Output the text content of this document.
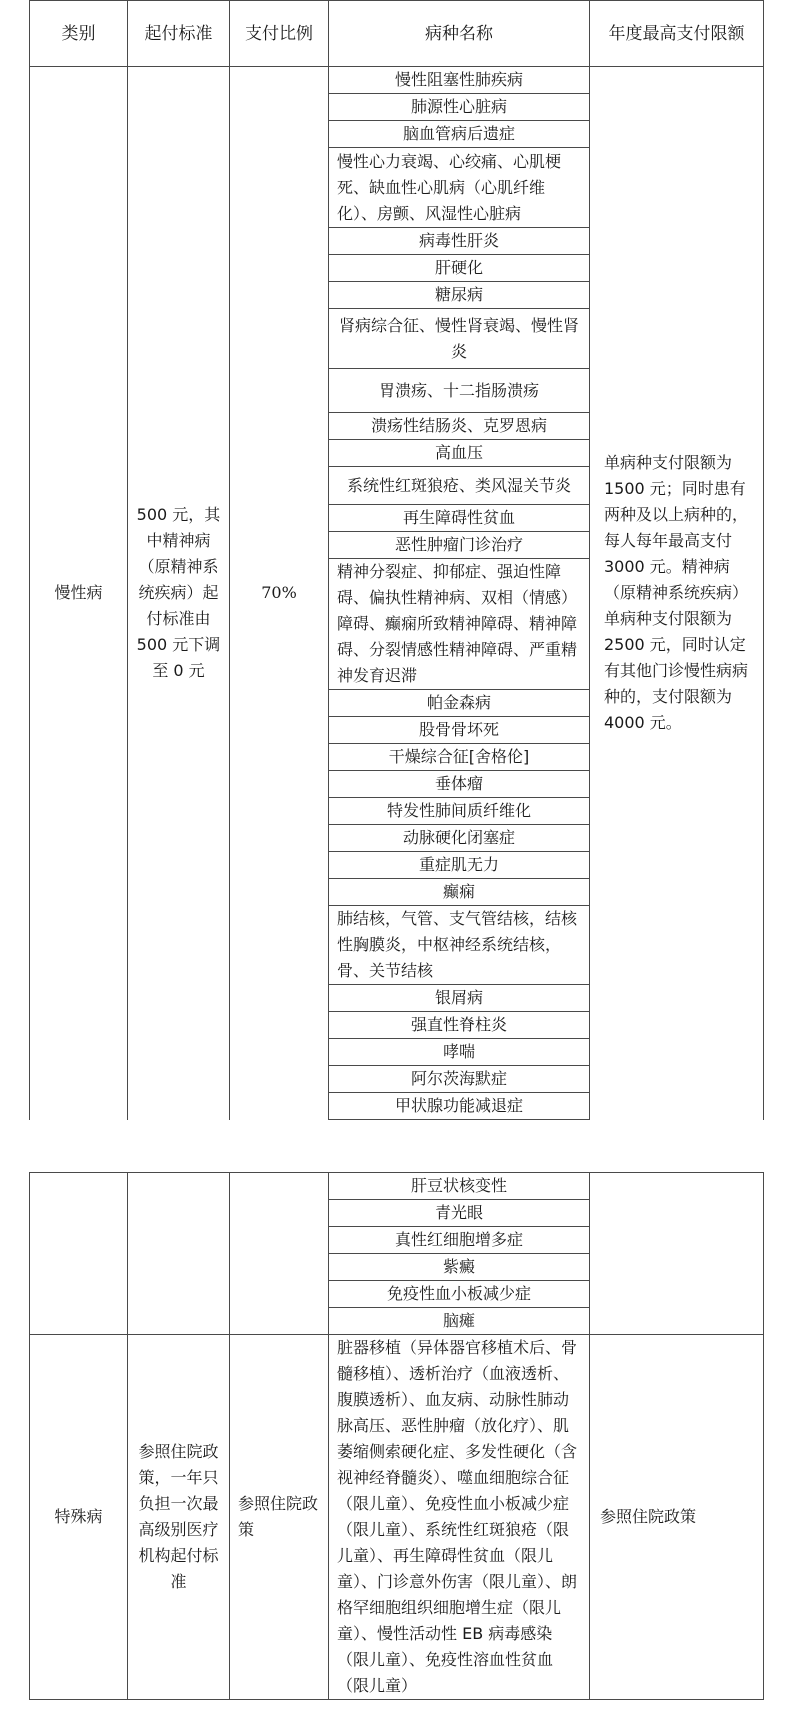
类别	起付标准	支付比例	病种名称	年度最高支付限额
慢性病	500 元，其中精神病（原精神系统疾病）起付标准由 500 元下调至 0 元	70%	慢性阻塞性肺疾病	单病种支付限额为 1500 元；同时患有两种及以上病种的，每人每年最高支付 3000 元。精神病（原精神系统疾病）单病种支付限额为 2500 元，同时认定有其他门诊慢性病病种的，支付限额为 4000 元。
			肺源性心脏病	
			脑血管病后遗症	
			慢性心力衰竭、心绞痛、心肌梗死、缺血性心肌病（心肌纤维化）、房颤、风湿性心脏病	
			病毒性肝炎	
			肝硬化	
			糖尿病	
			肾病综合征、慢性肾衰竭、慢性肾炎	
			胃溃疡、十二指肠溃疡	
			溃疡性结肠炎、克罗恩病	
			高血压	
			系统性红斑狼疮、类风湿关节炎	
			再生障碍性贫血	
			恶性肿瘤门诊治疗	
			精神分裂症、抑郁症、强迫性障碍、偏执性精神病、双相（情感）障碍、癫痫所致精神障碍、精神障碍、分裂情感性精神障碍、严重精神发育迟滞	
			帕金森病	
			股骨骨坏死	
			干燥综合征[舍格伦]	
			垂体瘤	
			特发性肺间质纤维化	
			动脉硬化闭塞症	
			重症肌无力	
			癫痫	
			肺结核，气管、支气管结核，结核性胸膜炎，中枢神经系统结核，骨、关节结核	
			银屑病	
			强直性脊柱炎	
			哮喘	
			阿尔茨海默症	
			甲状腺功能减退症	
			肝豆状核变性	
			青光眼	
			真性红细胞增多症	
			紫癜	
			免疫性血小板减少症	
			脑瘫	
特殊病	参照住院政策，一年只负担一次最高级别医疗机构起付标准	参照住院政策	脏器移植（异体器官移植术后、骨髓移植）、透析治疗（血液透析、腹膜透析）、血友病、动脉性肺动脉高压、恶性肿瘤（放化疗）、肌萎缩侧索硬化症、多发性硬化（含视神经脊髓炎）、噬血细胞综合征（限儿童）、免疫性血小板减少症（限儿童）、系统性红斑狼疮（限儿童）、再生障碍性贫血（限儿童）、门诊意外伤害（限儿童）、朗格罕细胞组织细胞增生症（限儿童）、慢性活动性 EB 病毒感染（限儿童）、免疫性溶血性贫血（限儿童）	参照住院政策
